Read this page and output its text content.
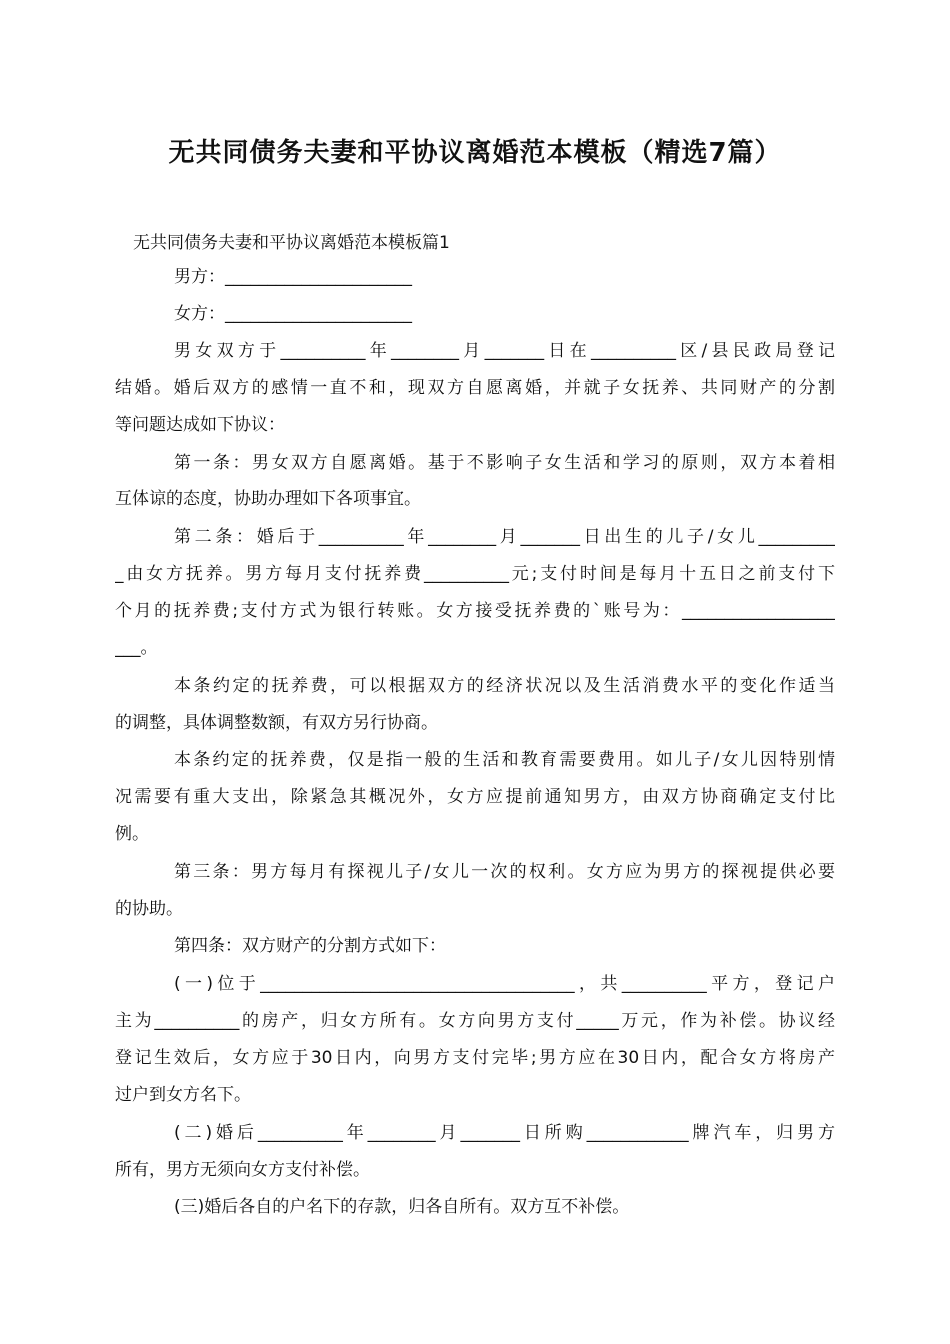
无共同债务夫妻和平协议离婚范本模板（精选7篇）
无共同债务夫妻和平协议离婚范本模板篇1
男方：______________________
女方：______________________
男女双方于__________年________月_______日在__________区/县民政局登记
结婚。婚后双方的感情一直不和，现双方自愿离婚，并就子女抚养、共同财产的分割
等问题达成如下协议：
第一条：男女双方自愿离婚。基于不影响子女生活和学习的原则，双方本着相
互体谅的态度，协助办理如下各项事宜。
第二条：婚后于__________年________月_______日出生的儿子/女儿_________
_由女方抚养。男方每月支付抚养费__________元;支付时间是每月十五日之前支付下
个月的抚养费;支付方式为银行转账。女方接受抚养费的`账号为：__________________
___。
本条约定的抚养费，可以根据双方的经济状况以及生活消费水平的变化作适当
的调整，具体调整数额，有双方另行协商。
本条约定的抚养费，仅是指一般的生活和教育需要费用。如儿子/女儿因特别情
况需要有重大支出，除紧急其概况外，女方应提前通知男方，由双方协商确定支付比
例。
第三条：男方每月有探视儿子/女儿一次的权利。女方应为男方的探视提供必要
的协助。
第四条：双方财产的分割方式如下：
(一)位于_____________________________________，共__________平方，登记户
主为__________的房产，归女方所有。女方向男方支付_____万元，作为补偿。协议经
登记生效后，女方应于30日内，向男方支付完毕;男方应在30日内，配合女方将房产
过户到女方名下。
(二)婚后__________年________月_______日所购____________牌汽车，归男方
所有，男方无须向女方支付补偿。
(三)婚后各自的户名下的存款，归各自所有。双方互不补偿。
